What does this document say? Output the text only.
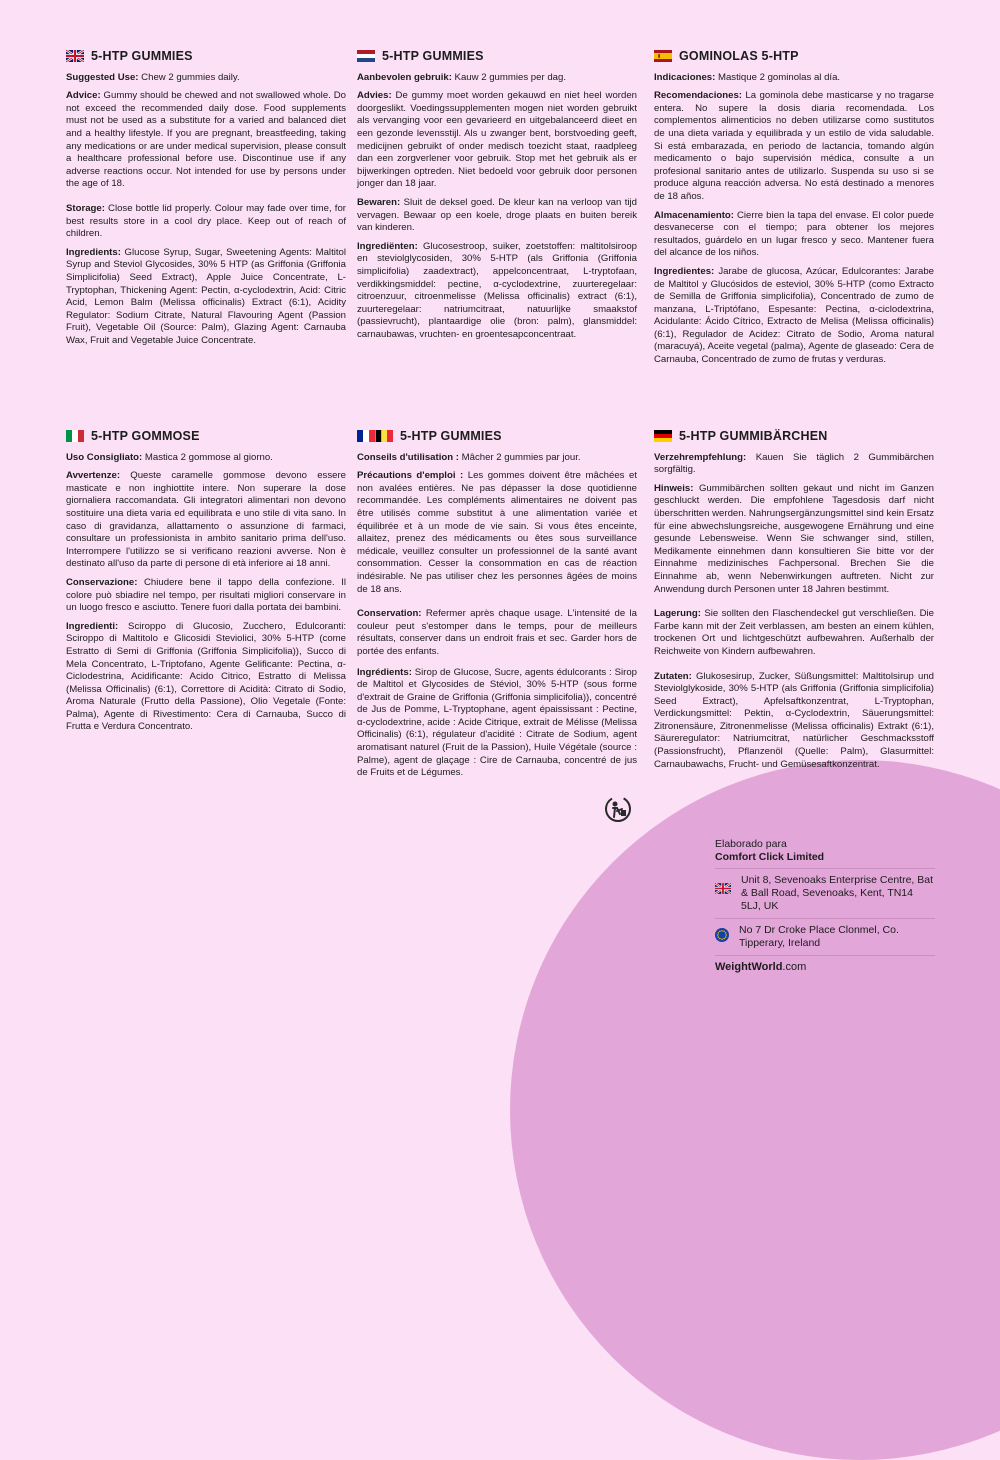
5-HTP GUMMIES

Suggested Use: Chew 2 gummies daily.

Advice: Gummy should be chewed and not swallowed whole. Do not exceed the recommended daily dose. Food supplements must not be used as a substitute for a varied and balanced diet and a healthy lifestyle. If you are pregnant, breastfeeding, taking any medications or are under medical supervision, please consult a healthcare professional before use. Discontinue use if any adverse reactions occur. Not intended for use by persons under the age of 18.

Storage: Close bottle lid properly. Colour may fade over time, for best results store in a cool dry place. Keep out of reach of children.

Ingredients: Glucose Syrup, Sugar, Sweetening Agents: Maltitol Syrup and Steviol Glycosides, 30% 5 HTP (as Griffonia (Griffonia Simplicifolia) Seed Extract), Apple Juice Concentrate, L-Tryptophan, Thickening Agent: Pectin, α-cyclodextrin, Acid: Citric Acid, Lemon Balm (Melissa officinalis) Extract (6:1), Acidity Regulator: Sodium Citrate, Natural Flavouring Agent (Passion Fruit), Vegetable Oil (Source: Palm), Glazing Agent: Carnauba Wax, Fruit and Vegetable Juice Concentrate.

5-HTP GUMMIES

Aanbevolen gebruik: Kauw 2 gummies per dag.

Advies: De gummy moet worden gekauwd en niet heel worden doorgeslikt. Voedingssupplementen mogen niet worden gebruikt als vervanging voor een gevarieerd en uitgebalanceerd dieet en een gezonde levensstijl. Als u zwanger bent, borstvoeding geeft, medicijnen gebruikt of onder medisch toezicht staat, raadpleeg dan een zorgverlener voor gebruik. Stop met het gebruik als er bijwerkingen optreden. Niet bedoeld voor gebruik door personen jonger dan 18 jaar.

Bewaren: Sluit de deksel goed. De kleur kan na verloop van tijd vervagen. Bewaar op een koele, droge plaats en buiten bereik van kinderen.

Ingrediënten: Glucosestroop, suiker, zoetstoffen: maltitolsiroop en steviolglycosiden, 30% 5-HTP (als Griffonia (Griffonia simplicifolia) zaadextract), appelconcentraat, L-tryptofaan, verdikkingsmiddel: pectine, α-cyclodextrine, zuurteregelaar: citroenzuur, citroenmelisse (Melissa officinalis) extract (6:1), zuurteregelaar: natriumcitraat, natuurlijke smaakstof (passievrucht), plantaardige olie (bron: palm), glansmiddel: carnaubawas, vruchten- en groentesapconcentraat.

GOMINOLAS 5-HTP

Indicaciones: Mastique 2 gominolas al día.

Recomendaciones: La gominola debe masticarse y no tragarse entera. No supere la dosis diaria recomendada. Los complementos alimenticios no deben utilizarse como sustitutos de una dieta variada y equilibrada y un estilo de vida saludable. Si está embarazada, en periodo de lactancia, tomando algún medicamento o bajo supervisión médica, consulte a un profesional sanitario antes de utilizarlo. Suspenda su uso si se produce alguna reacción adversa. No está destinado a menores de 18 años.

Almacenamiento: Cierre bien la tapa del envase. El color puede desvanecerse con el tiempo; para obtener los mejores resultados, guárdelo en un lugar fresco y seco. Mantener fuera del alcance de los niños.

Ingredientes: Jarabe de glucosa, Azúcar, Edulcorantes: Jarabe de Maltitol y Glucósidos de esteviol, 30% 5-HTP (como Extracto de Semilla de Griffonia simplicifolia), Concentrado de zumo de manzana, L-Triptófano, Espesante: Pectina, α-ciclodextrina, Acidulante: Ácido Cítrico, Extracto de Melisa (Melissa officinalis) (6:1), Regulador de Acidez: Citrato de Sodio, Aroma natural (maracuyá), Aceite vegetal (palma), Agente de glaseado: Cera de Carnauba, Concentrado de zumo de frutas y verduras.

5-HTP GOMMOSE

Uso Consigliato: Mastica 2 gommose al giorno.

Avvertenze: Queste caramelle gommose devono essere masticate e non inghiottite intere. Non superare la dose giornaliera raccomandata. Gli integratori alimentari non devono sostituire una dieta varia ed equilibrata e uno stile di vita sano. In caso di gravidanza, allattamento o assunzione di farmaci, consultare un professionista in ambito sanitario prima dell'uso. Interrompere l'utilizzo se si verificano reazioni avverse. Non è destinato all'uso da parte di persone di età inferiore ai 18 anni.

Conservazione: Chiudere bene il tappo della confezione. Il colore può sbiadire nel tempo, per risultati migliori conservare in un luogo fresco e asciutto. Tenere fuori dalla portata dei bambini.

Ingredienti: Sciroppo di Glucosio, Zucchero, Edulcoranti: Sciroppo di Maltitolo e Glicosidi Steviolici, 30% 5-HTP (come Estratto di Semi di Griffonia (Griffonia Simplicifolia)), Succo di Mela Concentrato, L-Triptofano, Agente Gelificante: Pectina, α-Ciclodestrina, Acidificante: Acido Citrico, Estratto di Melissa (Melissa Officinalis) (6:1), Correttore di Acidità: Citrato di Sodio, Aroma Naturale (Frutto della Passione), Olio Vegetale (Fonte: Palma), Agente di Rivestimento: Cera di Carnauba, Succo di Frutta e Verdura Concentrato.

5-HTP GUMMIES

Conseils d'utilisation : Mâcher 2 gummies par jour.

Précautions d'emploi : Les gommes doivent être mâchées et non avalées entières. Ne pas dépasser la dose quotidienne recommandée. Les compléments alimentaires ne doivent pas être utilisés comme substitut à une alimentation variée et équilibrée et à un mode de vie sain. Si vous êtes enceinte, allaitez, prenez des médicaments ou êtes sous surveillance médicale, veuillez consulter un professionnel de la santé avant consommation. Cesser la consommation en cas de réaction indésirable. Ne pas utiliser chez les personnes âgées de moins de 18 ans.

Conservation: Refermer après chaque usage. L'intensité de la couleur peut s'estomper dans le temps, pour de meilleurs résultats, conserver dans un endroit frais et sec. Garder hors de portée des enfants.

Ingrédients: Sirop de Glucose, Sucre, agents édulcorants : Sirop de Maltitol et Glycosides de Stéviol, 30% 5-HTP (sous forme d'extrait de Graine de Griffonia (Griffonia simplicifolia)), concentré de Jus de Pomme, L-Tryptophane, agent épaississant : Pectine, α-cyclodextrine, acide : Acide Citrique, extrait de Mélisse (Melissa Officinalis) (6:1), régulateur d'acidité : Citrate de Sodium, agent aromatisant naturel (Fruit de la Passion), Huile Végétale (source : Palme), agent de glaçage : Cire de Carnauba, concentré de jus de Fruits et de Légumes.

5-HTP GUMMIBÄRCHEN

Verzehrempfehlung: Kauen Sie täglich 2 Gummibärchen sorgfältig.

Hinweis: Gummibärchen sollten gekaut und nicht im Ganzen geschluckt werden. Die empfohlene Tagesdosis darf nicht überschritten werden. Nahrungsergänzungsmittel sind kein Ersatz für eine abwechslungsreiche, ausgewogene Ernährung und eine gesunde Lebensweise. Wenn Sie schwanger sind, stillen, Medikamente einnehmen dann konsultieren Sie bitte vor der Einnahme medizinisches Fachpersonal. Brechen Sie die Einnahme ab, wenn Nebenwirkungen auftreten. Nicht zur Anwendung durch Personen unter 18 Jahren bestimmt.

Lagerung: Sie sollten den Flaschendeckel gut verschließen. Die Farbe kann mit der Zeit verblassen, am besten an einem kühlen, trockenen Ort und lichtgeschützt aufbewahren. Außerhalb der Reichweite von Kindern aufbewahren.

Zutaten: Glukosesirup, Zucker, Süßungsmittel: Maltitolsirup und Steviolglykoside, 30% 5-HTP (als Griffonia (Griffonia simplicifolia) Seed Extract), Apfelsaftkonzentrat, L-Tryptophan, Verdickungsmittel: Pektin, α-Cyclodextrin, Säuerungsmittel: Zitronensäure, Zitronenmelisse (Melissa officinalis) Extrakt (6:1), Säureregulator: Natriumcitrat, natürlicher Geschmacksstoff (Passionsfrucht), Pflanzenöl (Quelle: Palm), Glasurmittel: Carnaubawachs, Frucht- und Gemüsesaftkonzentrat.

Elaborado para
Comfort Click Limited
Unit 8, Sevenoaks Enterprise Centre, Bat & Ball Road, Sevenoaks, Kent, TN14 5LJ, UK
No 7 Dr Croke Place Clonmel, Co. Tipperary, Ireland
WeightWorld.com
